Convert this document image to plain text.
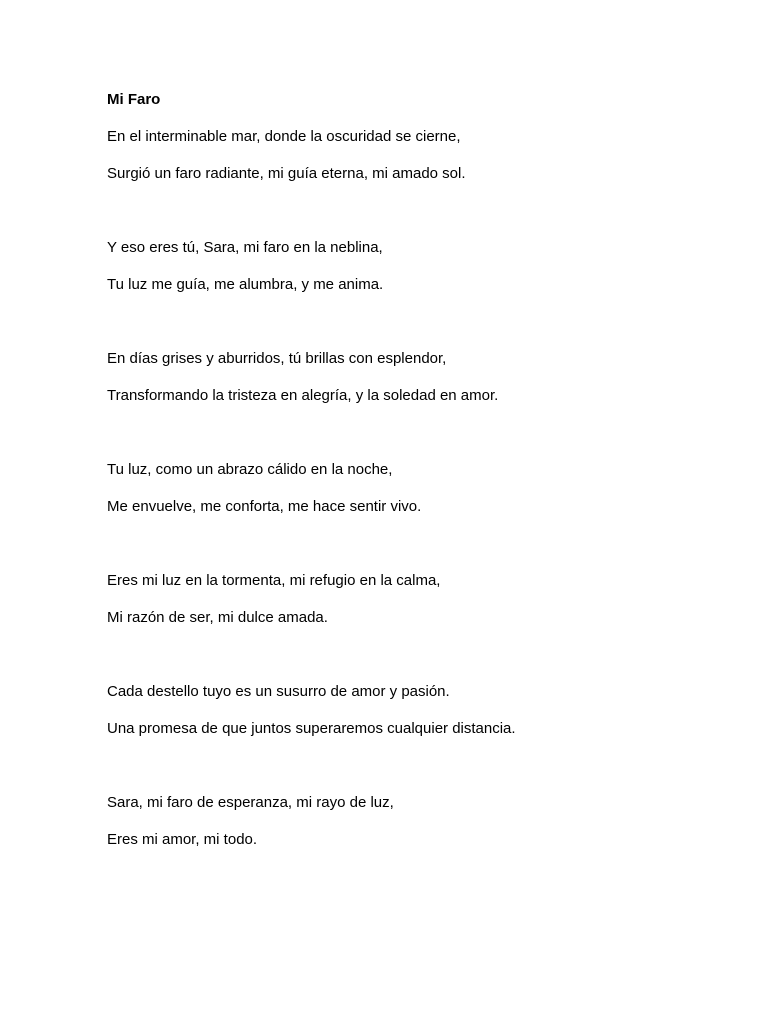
Mi Faro
En el interminable mar, donde la oscuridad se cierne,
Surgió un faro radiante, mi guía eterna, mi amado sol.
Y eso eres tú, Sara, mi faro en la neblina,
Tu luz me guía, me alumbra, y me anima.
En días grises y aburridos, tú brillas con esplendor,
Transformando la tristeza en alegría, y la soledad en amor.
Tu luz, como un abrazo cálido en la noche,
Me envuelve, me conforta, me hace sentir vivo.
Eres mi luz en la tormenta, mi refugio en la calma,
Mi razón de ser, mi dulce amada.
Cada destello tuyo es un susurro de amor y pasión.
Una promesa de que juntos superaremos cualquier distancia.
Sara, mi faro de esperanza, mi rayo de luz,
Eres mi amor, mi todo.
